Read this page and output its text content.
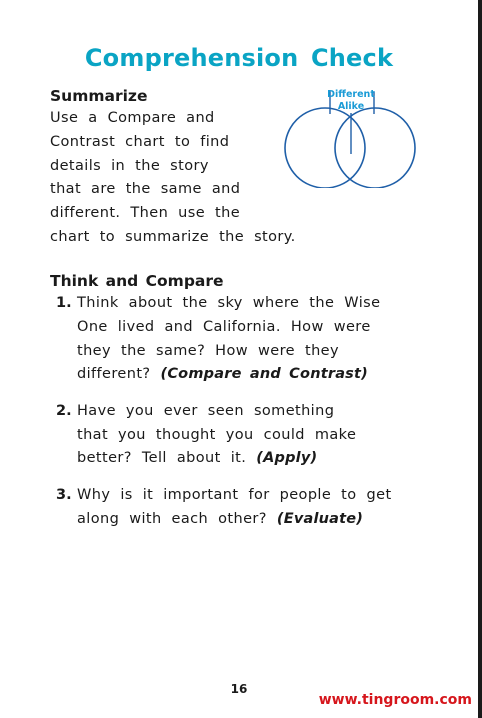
Comprehension Check
Summarize
Use a Compare and
Contrast chart to find
details in the story
that are the same and
different. Then use the
chart to summarize the story.
Different
Alike
Think and Compare
1. Think about the sky where the Wise
One lived and California. How were
they the same? How were they
different? (Compare and Contrast)
2. Have you ever seen something
that you thought you could make
better? Tell about it. (Apply)
3. Why is it important for people to get
along with each other? (Evaluate)
16
www.tingroom.com
